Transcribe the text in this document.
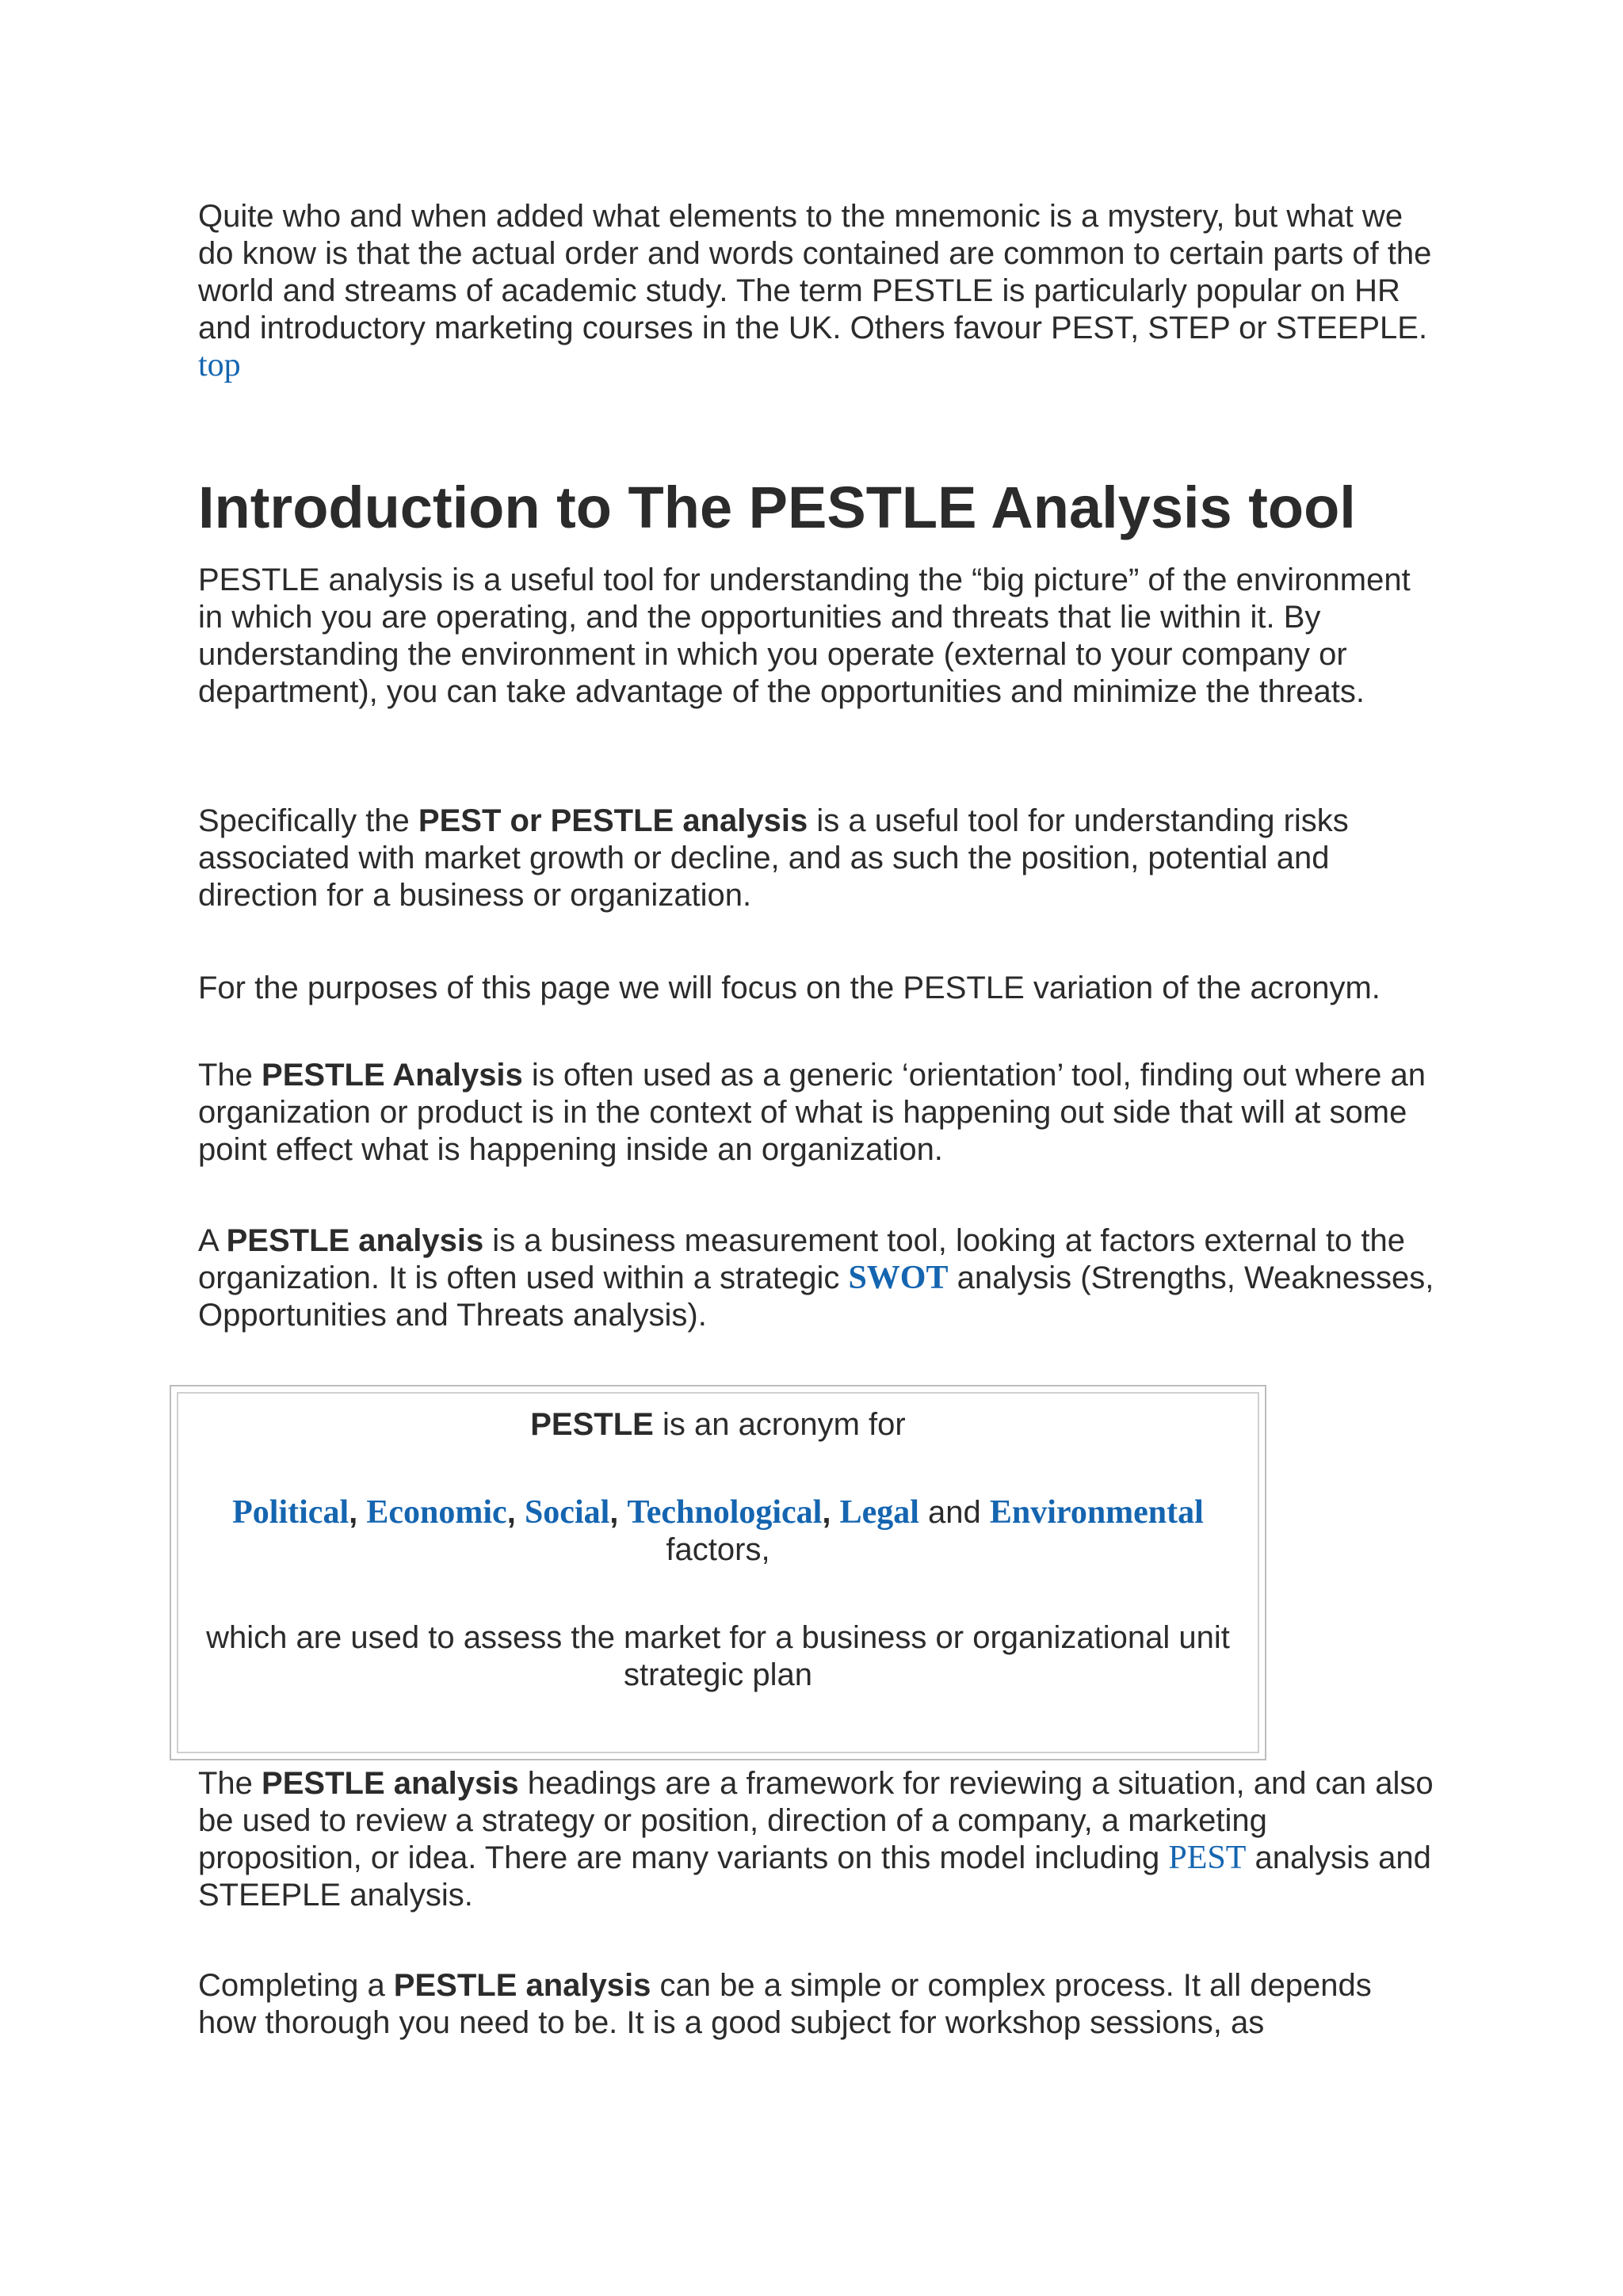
Quite who and when added what elements to the mnemonic is a mystery, but what we do know is that the actual order and words contained are common to certain parts of the world and streams of academic study. The term PESTLE is particularly popular on HR and introductory marketing courses in the UK. Others favour PEST, STEP or STEEPLE.
top

Introduction to The PESTLE Analysis tool

PESTLE analysis is a useful tool for understanding the “big picture” of the environment in which you are operating, and the opportunities and threats that lie within it. By understanding the environment in which you operate (external to your company or department), you can take advantage of the opportunities and minimize the threats.

Specifically the PEST or PESTLE analysis is a useful tool for understanding risks associated with market growth or decline, and as such the position, potential and direction for a business or organization.

For the purposes of this page we will focus on the PESTLE variation of the acronym.

The PESTLE Analysis is often used as a generic ‘orientation’ tool, finding out where an organization or product is in the context of what is happening out side that will at some point effect what is happening inside an organization.

A PESTLE analysis is a business measurement tool, looking at factors external to the organization. It is often used within a strategic SWOT analysis (Strengths, Weaknesses, Opportunities and Threats analysis).

PESTLE is an acronym for

Political, Economic, Social, Technological, Legal and Environmental
factors,

which are used to assess the market for a business or organizational unit strategic plan

The PESTLE analysis headings are a framework for reviewing a situation, and can also be used to review a strategy or position, direction of a company, a marketing proposition, or idea. There are many variants on this model including PEST analysis and STEEPLE analysis.

Completing a PESTLE analysis can be a simple or complex process. It all depends how thorough you need to be. It is a good subject for workshop sessions, as
